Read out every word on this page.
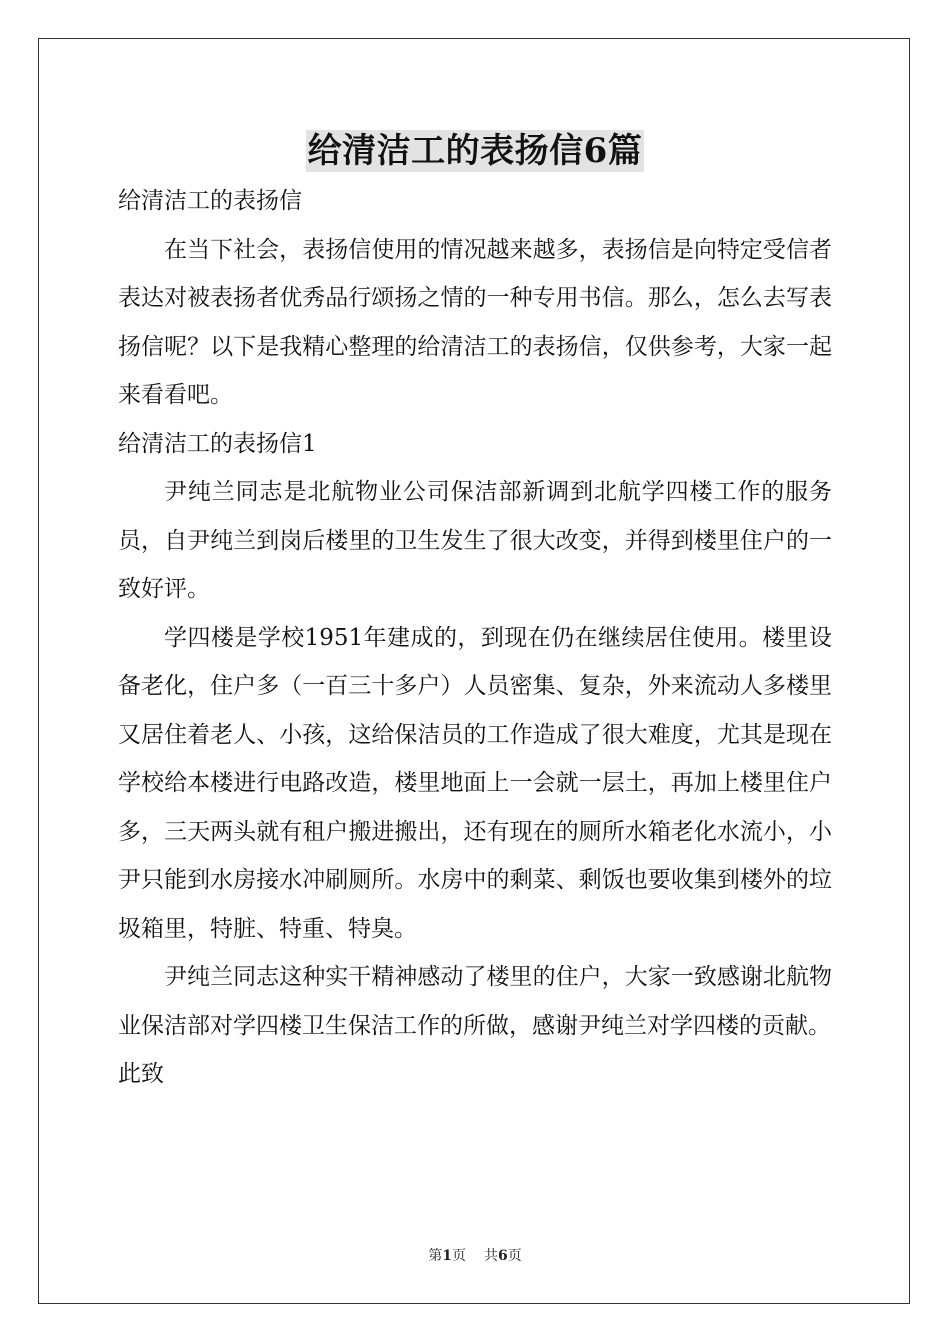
给清洁工的表扬信6篇

给清洁工的表扬信

在当下社会，表扬信使用的情况越来越多，表扬信是向特定受信者表达对被表扬者优秀品行颂扬之情的一种专用书信。那么，怎么去写表扬信呢？以下是我精心整理的给清洁工的表扬信，仅供参考，大家一起来看看吧。

给清洁工的表扬信1

尹纯兰同志是北航物业公司保洁部新调到北航学四楼工作的服务员，自尹纯兰到岗后楼里的卫生发生了很大改变，并得到楼里住户的一致好评。

学四楼是学校1951年建成的，到现在仍在继续居住使用。楼里设备老化，住户多（一百三十多户）人员密集、复杂，外来流动人多楼里又居住着老人、小孩，这给保洁员的工作造成了很大难度，尤其是现在学校给本楼进行电路改造，楼里地面上一会就一层土，再加上楼里住户多，三天两头就有租户搬进搬出，还有现在的厕所水箱老化水流小，小尹只能到水房接水冲刷厕所。水房中的剩菜、剩饭也要收集到楼外的垃圾箱里，特脏、特重、特臭。

尹纯兰同志这种实干精神感动了楼里的住户，大家一致感谢北航物业保洁部对学四楼卫生保洁工作的所做，感谢尹纯兰对学四楼的贡献。

此致

第1页 共6页
